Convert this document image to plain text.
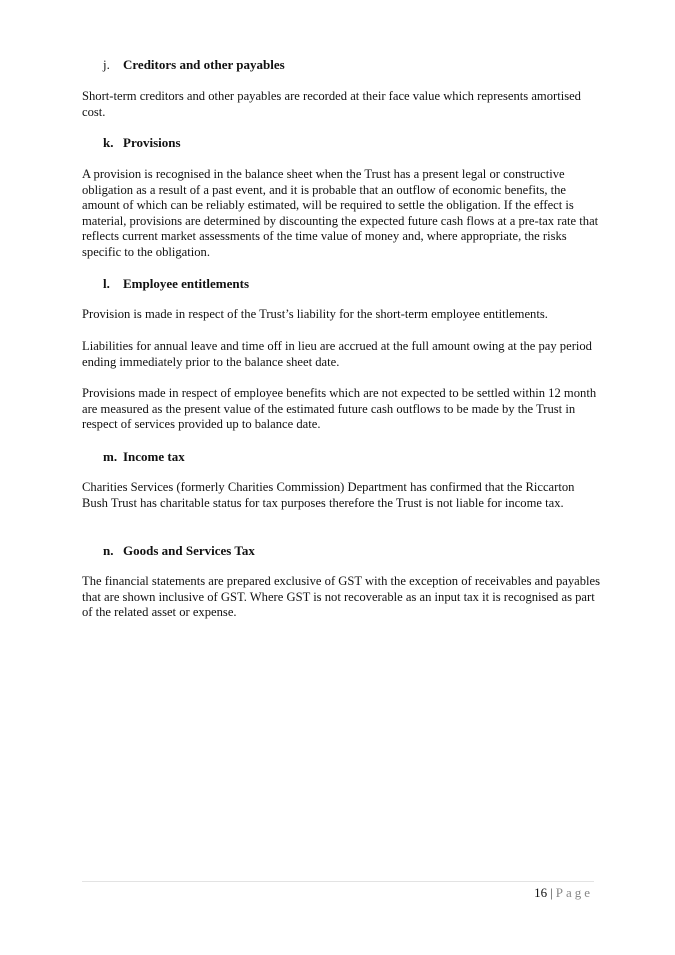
j. Creditors and other payables

Short-term creditors and other payables are recorded at their face value which represents amortised cost.

k. Provisions

A provision is recognised in the balance sheet when the Trust has a present legal or constructive obligation as a result of a past event, and it is probable that an outflow of economic benefits, the amount of which can be reliably estimated, will be required to settle the obligation. If the effect is material, provisions are determined by discounting the expected future cash flows at a pre-tax rate that reflects current market assessments of the time value of money and, where appropriate, the risks specific to the obligation.

l. Employee entitlements

Provision is made in respect of the Trust’s liability for the short-term employee entitlements.

Liabilities for annual leave and time off in lieu are accrued at the full amount owing at the pay period ending immediately prior to the balance sheet date.

Provisions made in respect of employee benefits which are not expected to be settled within 12 month are measured as the present value of the estimated future cash outflows to be made by the Trust in respect of services provided up to balance date.

m. Income tax

Charities Services (formerly Charities Commission) Department has confirmed that the Riccarton Bush Trust has charitable status for tax purposes therefore the Trust is not liable for income tax.

n. Goods and Services Tax

The financial statements are prepared exclusive of GST with the exception of receivables and payables that are shown inclusive of GST. Where GST is not recoverable as an input tax it is recognised as part of the related asset or expense.

16 | Page
